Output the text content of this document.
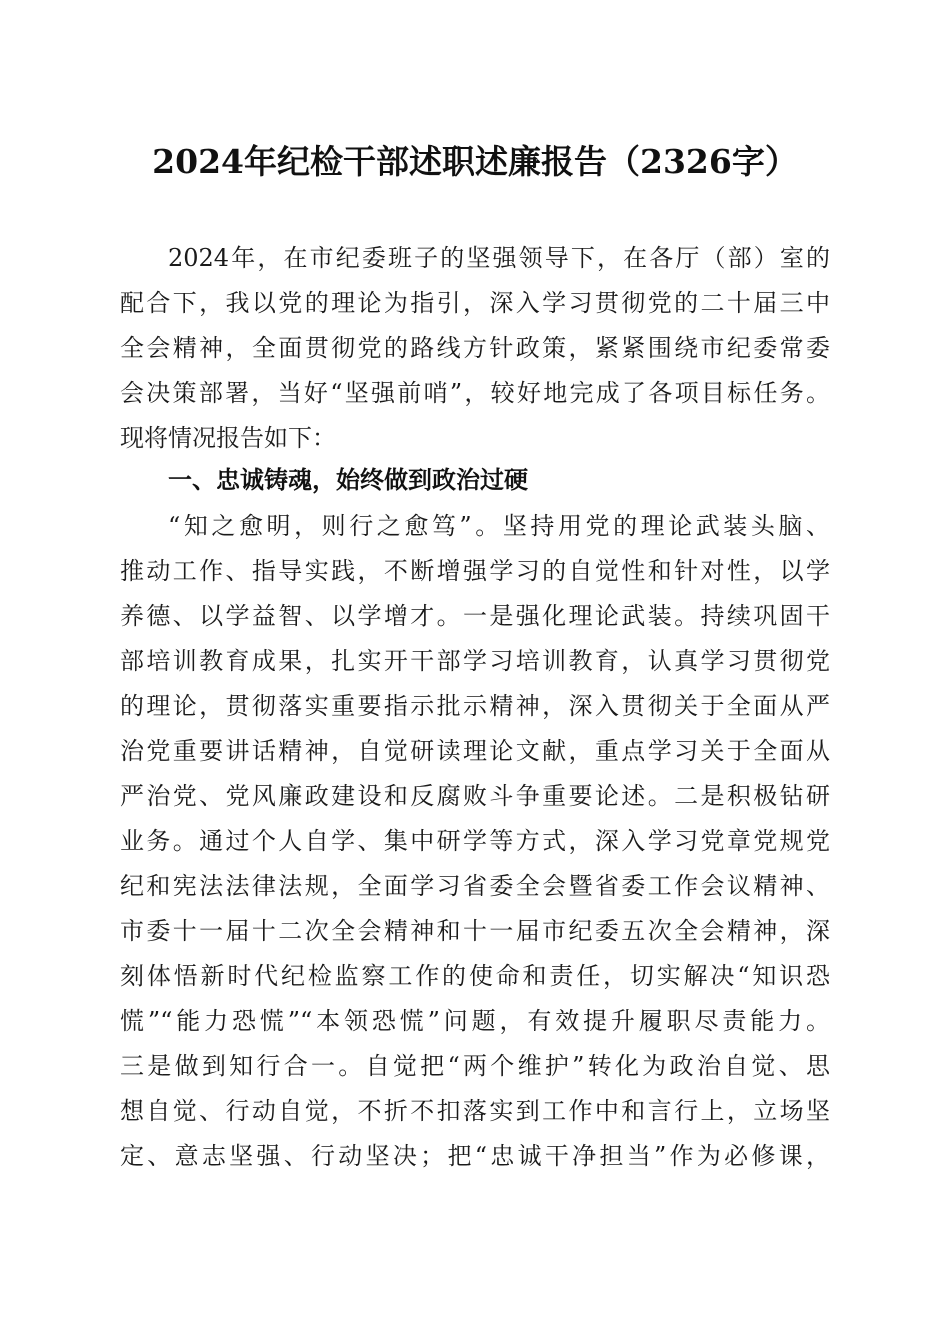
2024年纪检干部述职述廉报告（2326字）
2024年，在市纪委班子的坚强领导下，在各厅（部）室的
配合下，我以党的理论为指引，深入学习贯彻党的二十届三中
全会精神，全面贯彻党的路线方针政策，紧紧围绕市纪委常委
会决策部署，当好“坚强前哨”，较好地完成了各项目标任务。
现将情况报告如下：
一、忠诚铸魂，始终做到政治过硬
“知之愈明，则行之愈笃”。坚持用党的理论武装头脑、
推动工作、指导实践，不断增强学习的自觉性和针对性，以学
养德、以学益智、以学增才。一是强化理论武装。持续巩固干
部培训教育成果，扎实开干部学习培训教育，认真学习贯彻党
的理论，贯彻落实重要指示批示精神，深入贯彻关于全面从严
治党重要讲话精神，自觉研读理论文献，重点学习关于全面从
严治党、党风廉政建设和反腐败斗争重要论述。二是积极钻研
业务。通过个人自学、集中研学等方式，深入学习党章党规党
纪和宪法法律法规，全面学习省委全会暨省委工作会议精神、
市委十一届十二次全会精神和十一届市纪委五次全会精神，深
刻体悟新时代纪检监察工作的使命和责任，切实解决“知识恐
慌”“能力恐慌”“本领恐慌”问题，有效提升履职尽责能力。
三是做到知行合一。自觉把“两个维护”转化为政治自觉、思
想自觉、行动自觉，不折不扣落实到工作中和言行上，立场坚
定、意志坚强、行动坚决；把“忠诚干净担当”作为必修课，
